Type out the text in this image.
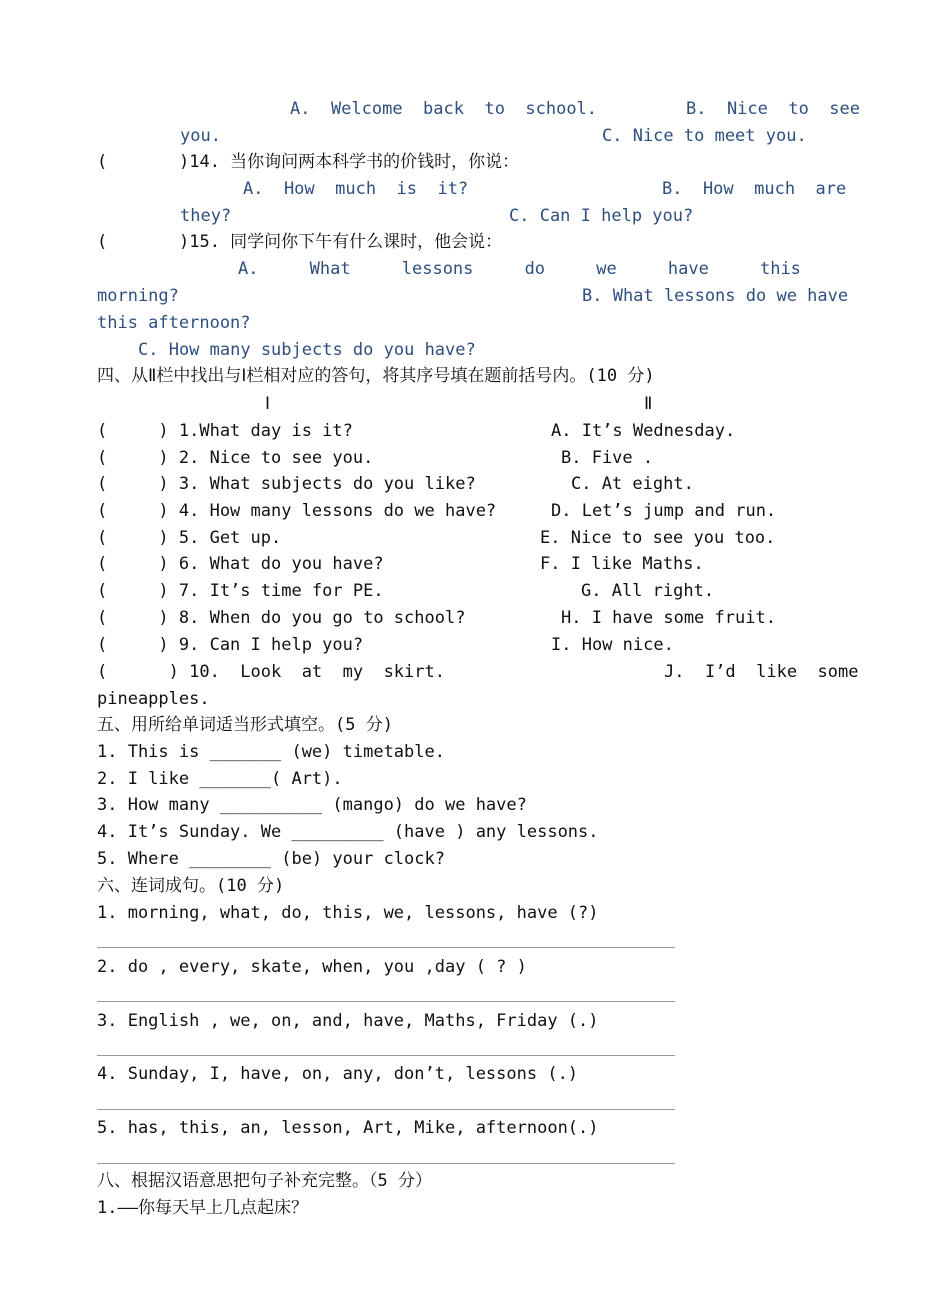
A.  Welcome  back  to  school.	B.  Nice  to  see
you.	C. Nice to meet you.
(	)14. 当你询问两本科学书的价钱时，你说：
A.  How  much  is  it?	B.  How  much  are
they?	C. Can I help you?
(	)15. 同学问你下午有什么课时，他会说：
A.     What     lessons     do     we     have     this
morning?	B. What lessons do we have
this afternoon?
C. How many subjects do you have?
四、从Ⅱ栏中找出与Ⅰ栏相对应的答句，将其序号填在题前括号内。(10 分)
Ⅰ	Ⅱ
(     ) 1.What day is it?	A. It’s Wednesday.
(     ) 2. Nice to see you.	B. Five .
(     ) 3. What subjects do you like?	C. At eight.
(     ) 4. How many lessons do we have?	D. Let’s jump and run.
(     ) 5. Get up.	E. Nice to see you too.
(     ) 6. What do you have?	F. I like Maths.
(     ) 7. It’s time for PE.	G. All right.
(     ) 8. When do you go to school?	H. I have some fruit.
(     ) 9. Can I help you?	I. How nice.
(      ) 10.  Look  at  my  skirt.	J.  I’d  like  some
pineapples.
五、用所给单词适当形式填空。(5 分)
1. This is _______ (we) timetable.
2. I like _______( Art).
3. How many __________ (mango) do we have?
4. It’s Sunday. We _________ (have ) any lessons.
5. Where ________ (be) your clock?
六、连词成句。(10 分)
1. morning, what, do, this, we, lessons, have (?)
2. do , every, skate, when, you ,day ( ? )
3. English , we, on, and, have, Maths, Friday (.)
4. Sunday, I, have, on, any, don’t, lessons (.)
5. has, this, an, lesson, Art, Mike, afternoon(.)
八、根据汉语意思把句子补充完整。（5 分）
1.——你每天早上几点起床？
